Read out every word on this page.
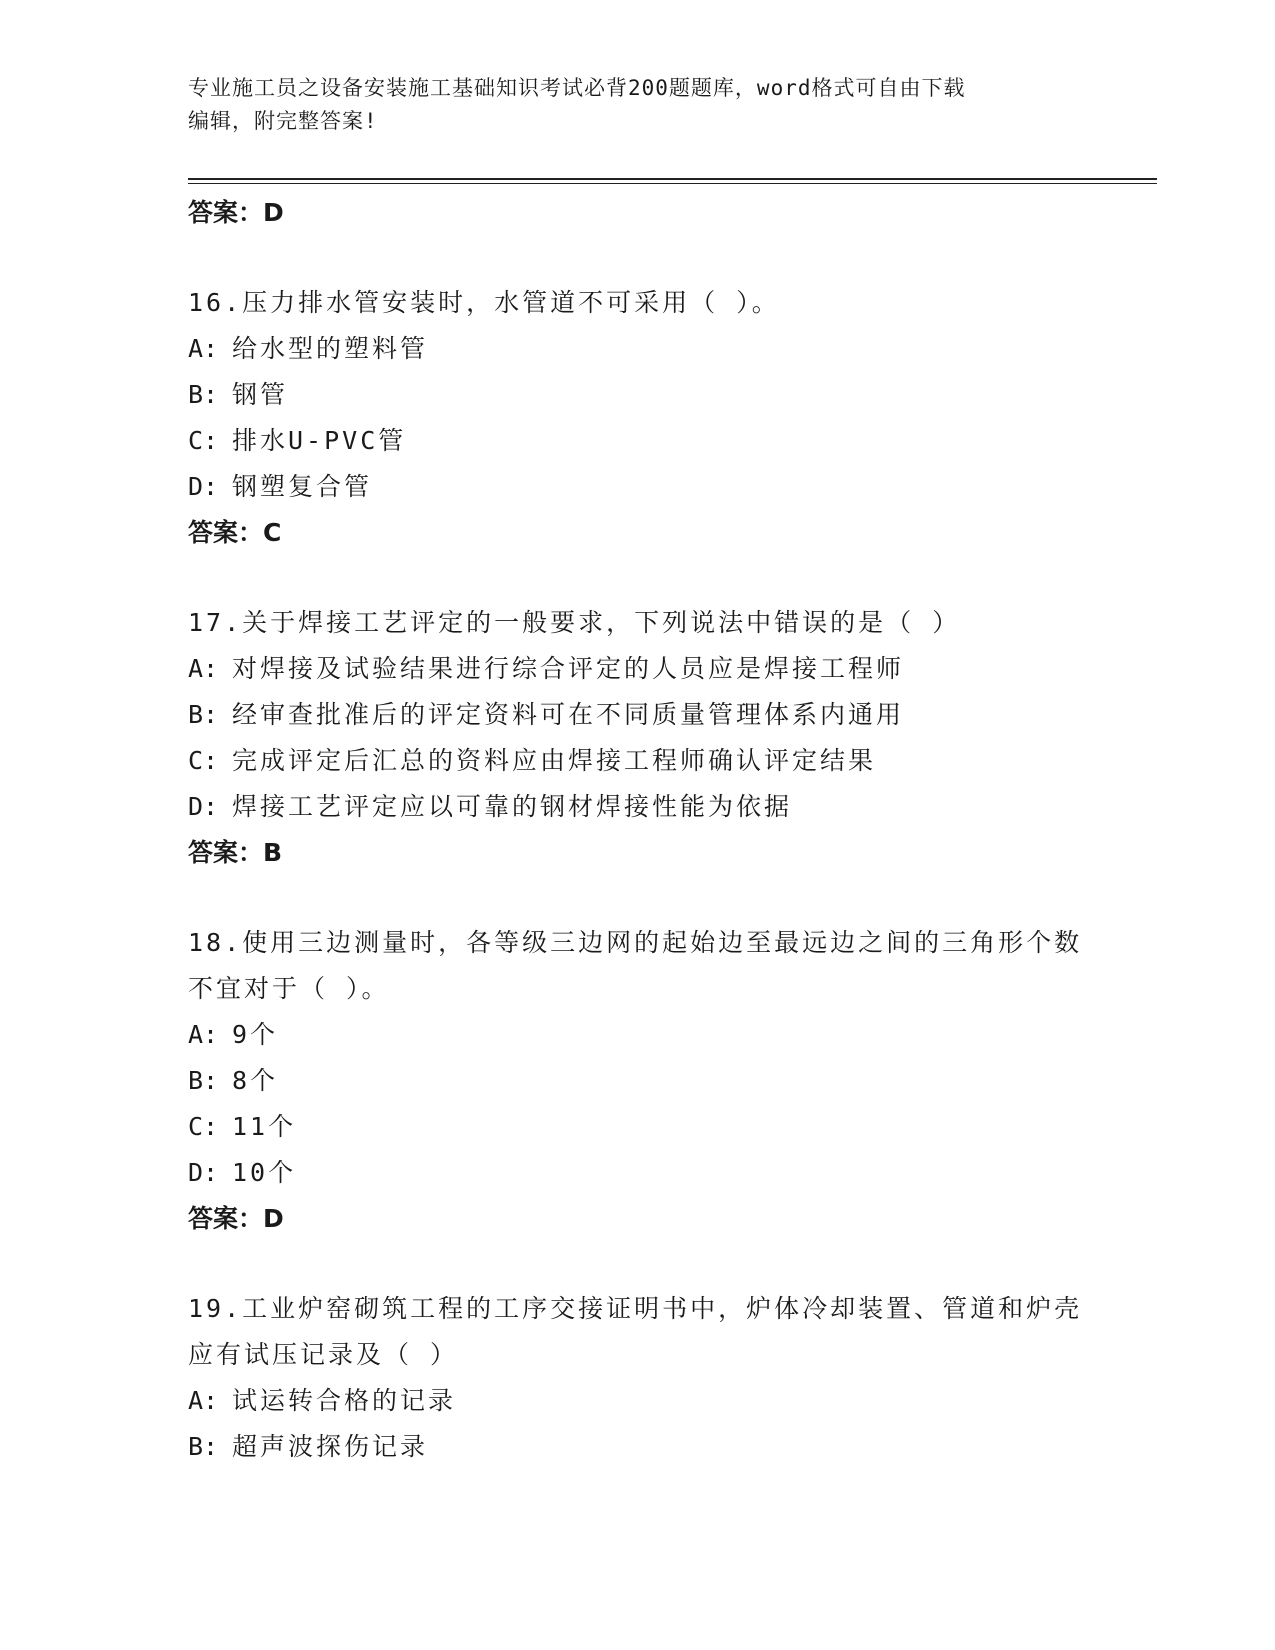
专业施工员之设备安装施工基础知识考试必背200题题库，word格式可自由下载
编辑，附完整答案!
答案：D
16.压力排水管安装时，水管道不可采用（ ）。
A: 给水型的塑料管
B: 钢管
C: 排水U-PVC管
D: 钢塑复合管
答案：C
17.关于焊接工艺评定的一般要求，下列说法中错误的是（ ）
A: 对焊接及试验结果进行综合评定的人员应是焊接工程师
B: 经审查批准后的评定资料可在不同质量管理体系内通用
C: 完成评定后汇总的资料应由焊接工程师确认评定结果
D: 焊接工艺评定应以可靠的钢材焊接性能为依据
答案：B
18.使用三边测量时，各等级三边网的起始边至最远边之间的三角形个数不宜对于（ ）。
A: 9个
B: 8个
C: 11个
D: 10个
答案：D
19.工业炉窑砌筑工程的工序交接证明书中，炉体冷却装置、管道和炉壳应有试压记录及（ ）
A: 试运转合格的记录
B: 超声波探伤记录
